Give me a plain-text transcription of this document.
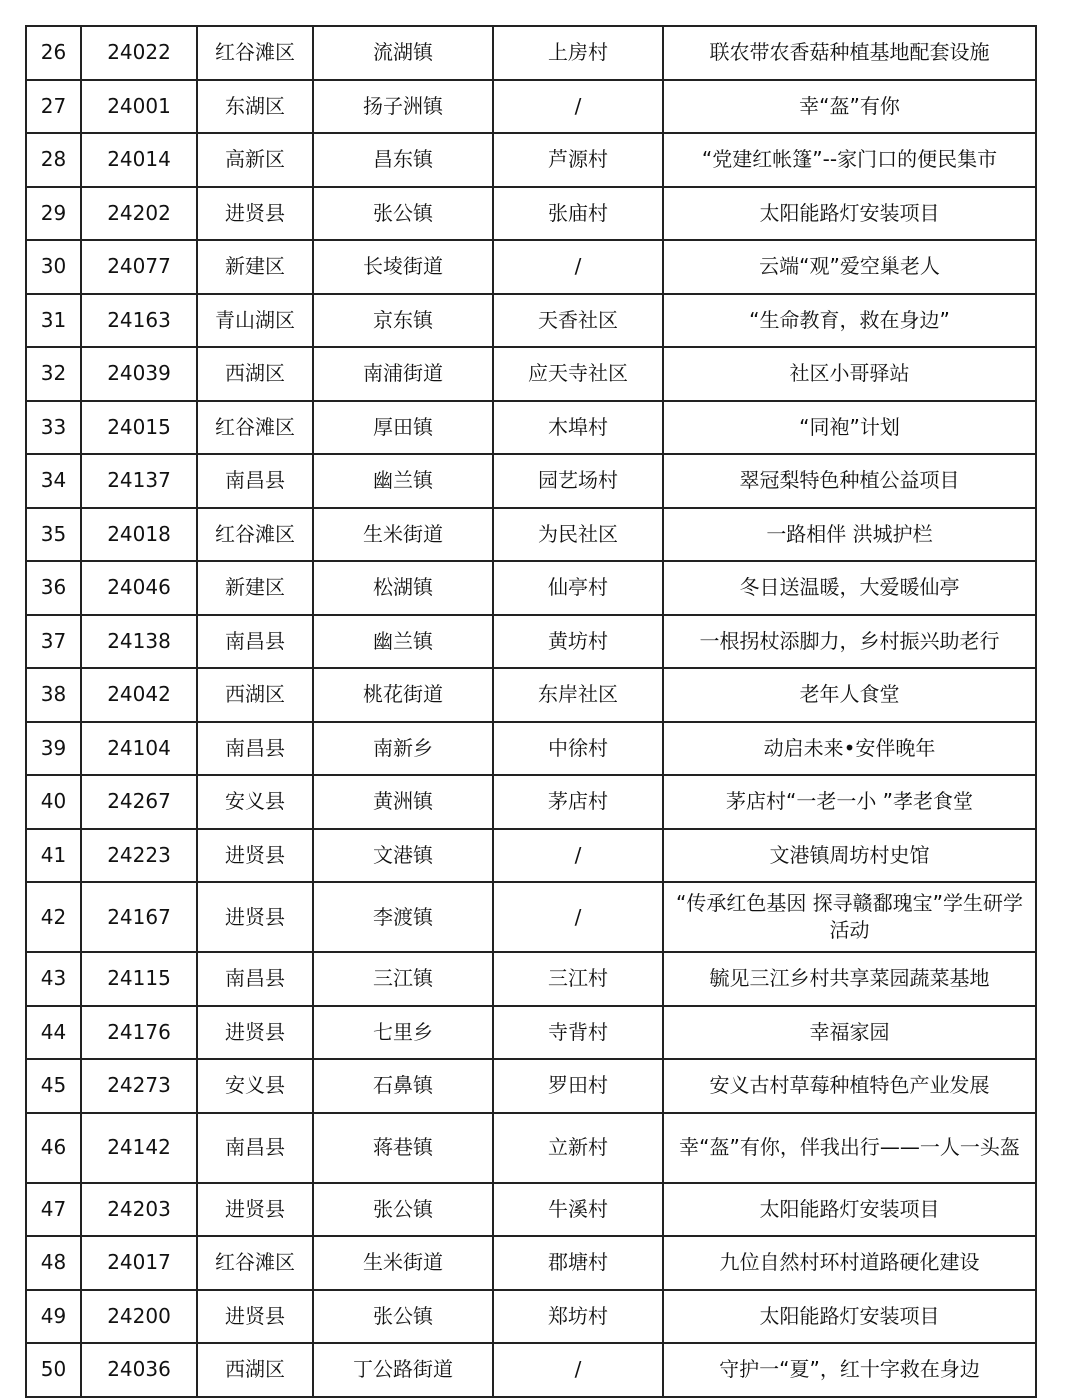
26	24022	红谷滩区	流湖镇	上房村	联农带农香菇种植基地配套设施
27	24001	东湖区	扬子洲镇	/	幸“盔”有你
28	24014	高新区	昌东镇	芦源村	“党建红帐篷”--家门口的便民集市
29	24202	进贤县	张公镇	张庙村	太阳能路灯安装项目
30	24077	新建区	长堎街道	/	云端“观”爱空巢老人
31	24163	青山湖区	京东镇	天香社区	“生命教育，救在身边”
32	24039	西湖区	南浦街道	应天寺社区	社区小哥驿站
33	24015	红谷滩区	厚田镇	木埠村	“同袍”计划
34	24137	南昌县	幽兰镇	园艺场村	翠冠梨特色种植公益项目
35	24018	红谷滩区	生米街道	为民社区	一路相伴 洪城护栏
36	24046	新建区	松湖镇	仙亭村	冬日送温暖，大爱暖仙亭
37	24138	南昌县	幽兰镇	黄坊村	一根拐杖添脚力，乡村振兴助老行
38	24042	西湖区	桃花街道	东岸社区	老年人食堂
39	24104	南昌县	南新乡	中徐村	动启未来•安伴晚年
40	24267	安义县	黄洲镇	茅店村	茅店村“一老一小 ”孝老食堂
41	24223	进贤县	文港镇	/	文港镇周坊村史馆
42	24167	进贤县	李渡镇	/	“传承红色基因 探寻赣鄱瑰宝”学生研学活动
43	24115	南昌县	三江镇	三江村	毓见三江乡村共享菜园蔬菜基地
44	24176	进贤县	七里乡	寺背村	幸福家园
45	24273	安义县	石鼻镇	罗田村	安义古村草莓种植特色产业发展
46	24142	南昌县	蒋巷镇	立新村	幸“盔”有你，伴我出行——一人一头盔
47	24203	进贤县	张公镇	牛溪村	太阳能路灯安装项目
48	24017	红谷滩区	生米街道	郡塘村	九位自然村环村道路硬化建设
49	24200	进贤县	张公镇	郑坊村	太阳能路灯安装项目
50	24036	西湖区	丁公路街道	/	守护一“夏”，红十字救在身边
